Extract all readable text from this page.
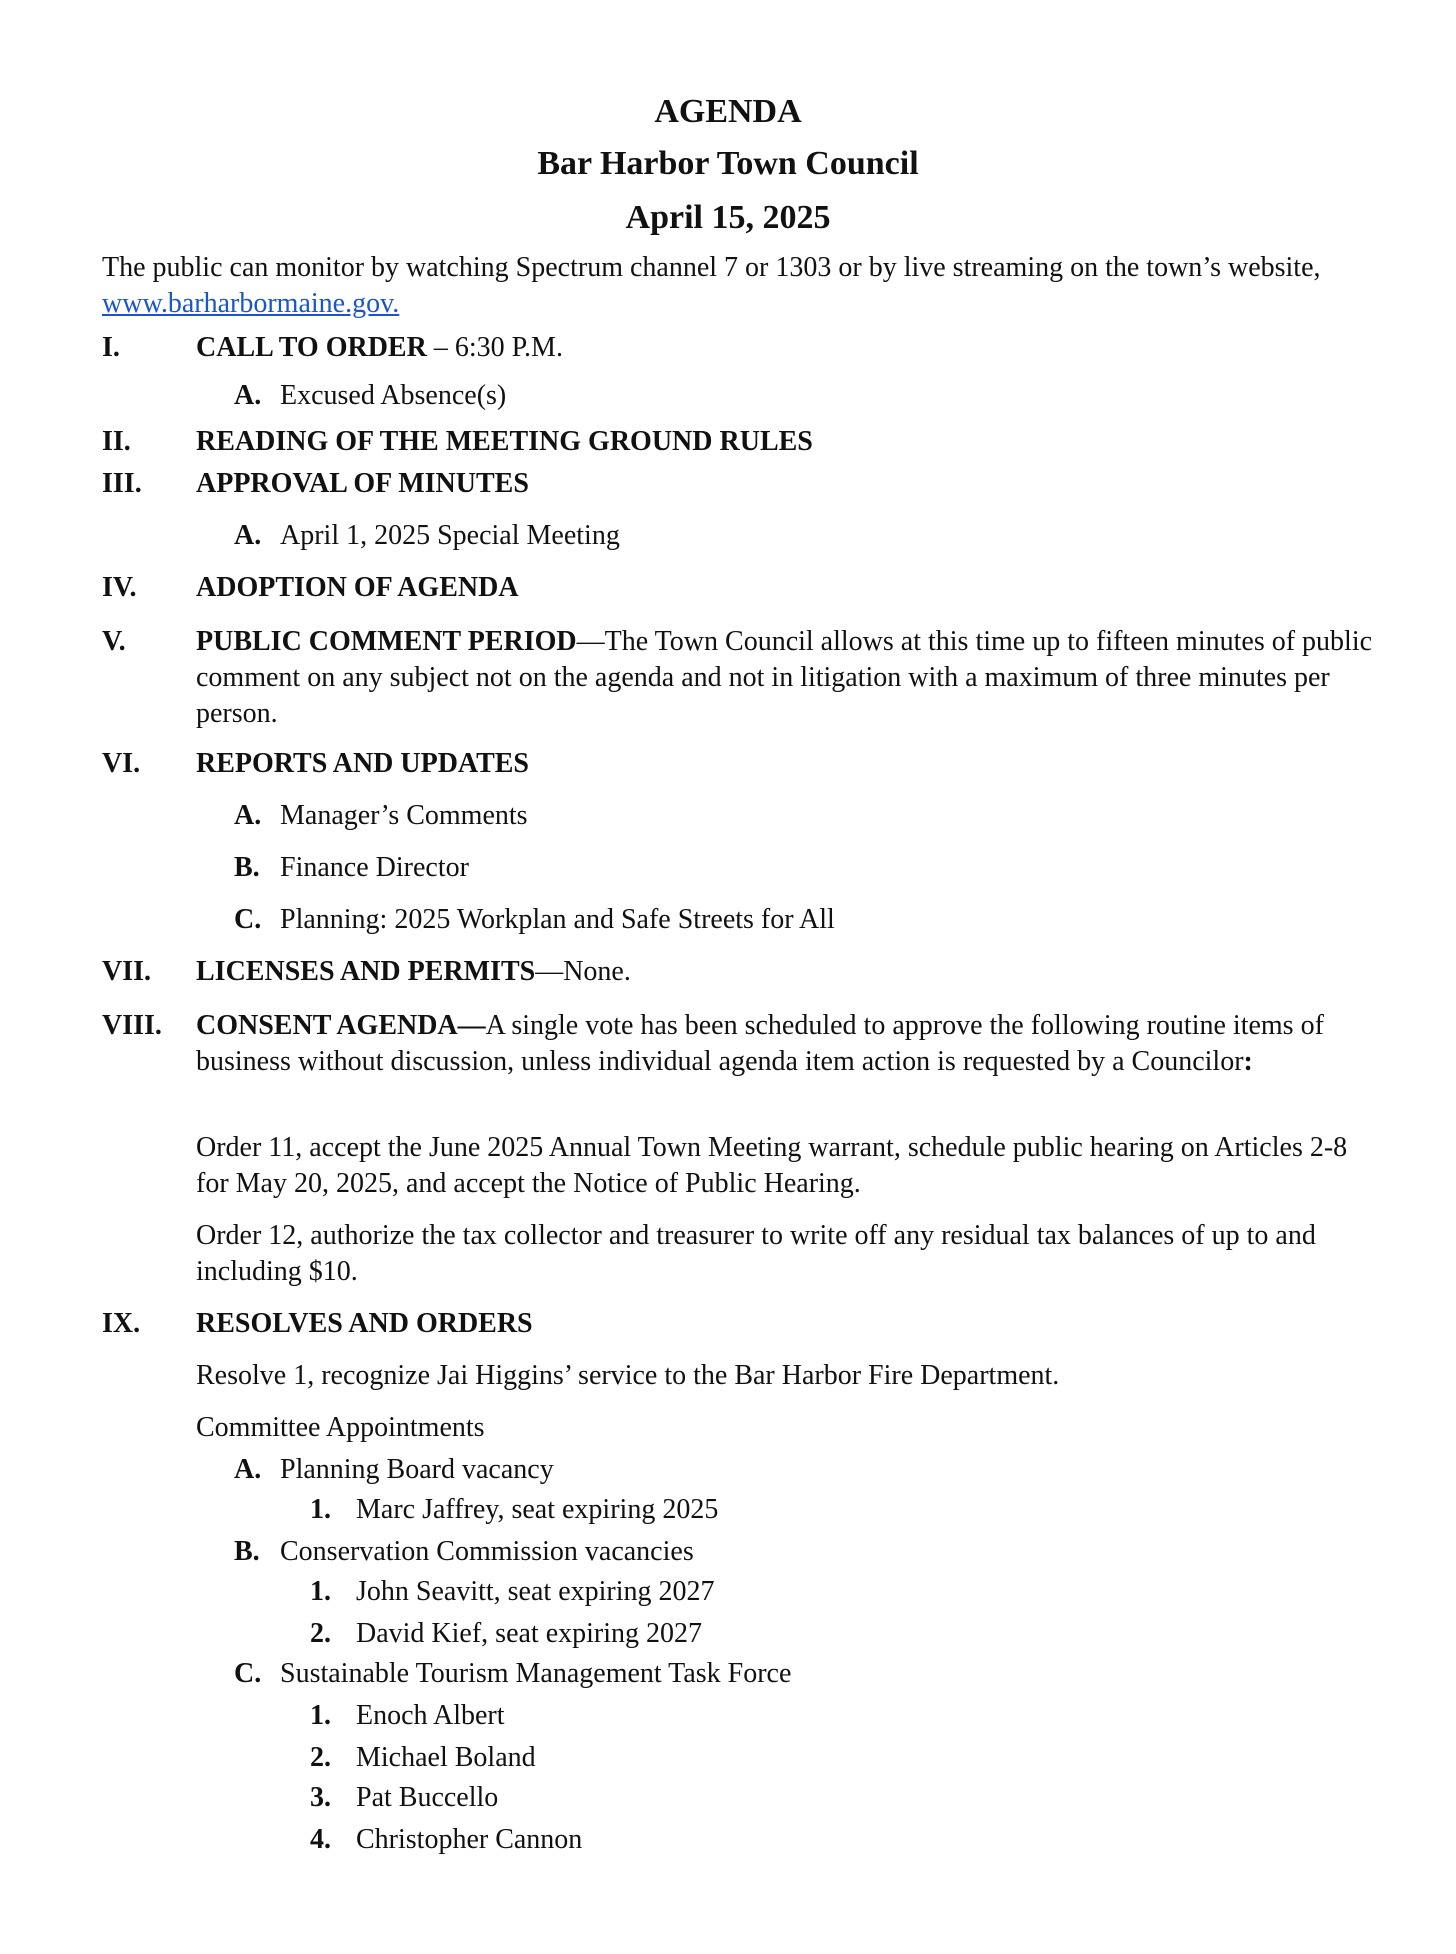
AGENDA
Bar Harbor Town Council
April 15, 2025
The public can monitor by watching Spectrum channel 7 or 1303 or by live streaming on the town’s website, www.barharbormaine.gov.
I.	CALL TO ORDER – 6:30 P.M.
A. Excused Absence(s)
II. READING OF THE MEETING GROUND RULES
III. APPROVAL OF MINUTES
A. April 1, 2025 Special Meeting
IV. ADOPTION OF AGENDA
V.	PUBLIC COMMENT PERIOD—The Town Council allows at this time up to fifteen minutes of public comment on any subject not on the agenda and not in litigation with a maximum of three minutes per person.
VI. REPORTS AND UPDATES
A. Manager’s Comments
B. Finance Director
C. Planning: 2025 Workplan and Safe Streets for All
VII. LICENSES AND PERMITS—None.
VIII. CONSENT AGENDA—A single vote has been scheduled to approve the following routine items of business without discussion, unless individual agenda item action is requested by a Councilor:
Order 11, accept the June 2025 Annual Town Meeting warrant, schedule public hearing on Articles 2-8 for May 20, 2025, and accept the Notice of Public Hearing.
Order 12, authorize the tax collector and treasurer to write off any residual tax balances of up to and including $10.
IX. RESOLVES AND ORDERS
Resolve 1, recognize Jai Higgins’ service to the Bar Harbor Fire Department.
Committee Appointments
A. Planning Board vacancy
1. Marc Jaffrey, seat expiring 2025
B. Conservation Commission vacancies
1. John Seavitt, seat expiring 2027
2. David Kief, seat expiring 2027
C. Sustainable Tourism Management Task Force
1. Enoch Albert
2. Michael Boland
3. Pat Buccello
4. Christopher Cannon
